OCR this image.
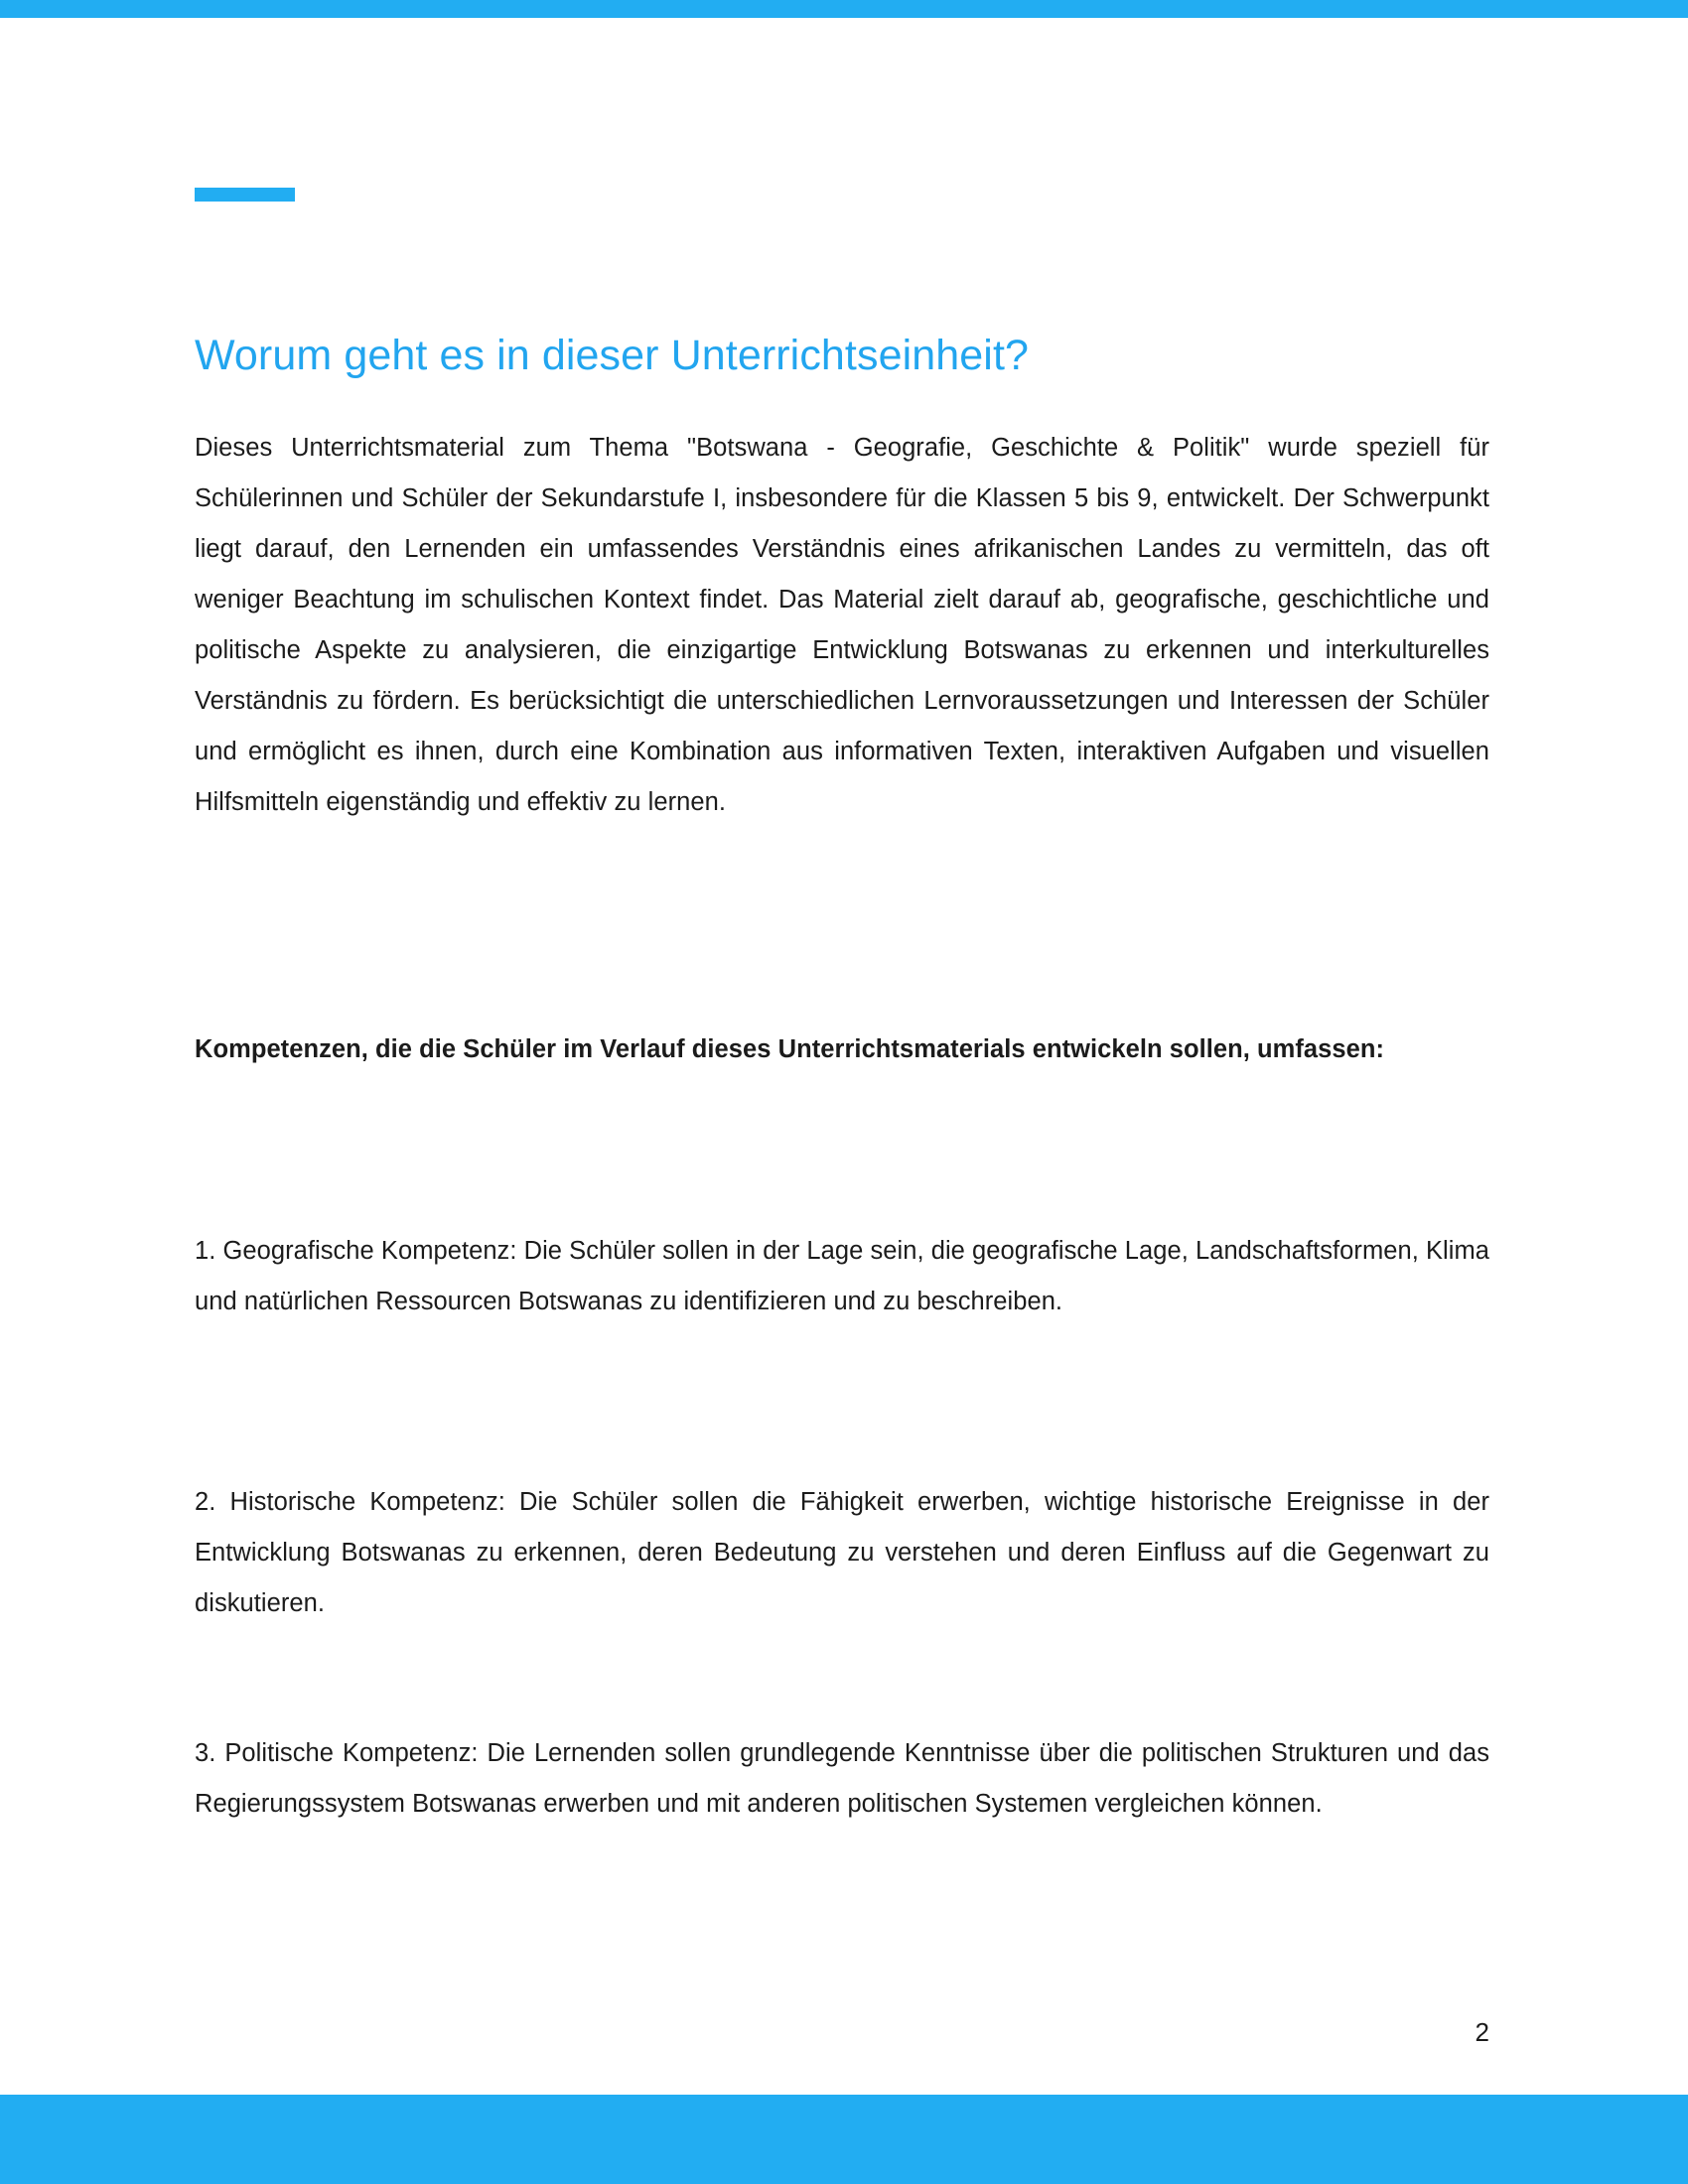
Worum geht es in dieser Unterrichtseinheit?

Dieses Unterrichtsmaterial zum Thema "Botswana - Geografie, Geschichte & Politik" wurde speziell für Schülerinnen und Schüler der Sekundarstufe I, insbesondere für die Klassen 5 bis 9, entwickelt. Der Schwerpunkt liegt darauf, den Lernenden ein umfassendes Verständnis eines afrikanischen Landes zu vermitteln, das oft weniger Beachtung im schulischen Kontext findet. Das Material zielt darauf ab, geografische, geschichtliche und politische Aspekte zu analysieren, die einzigartige Entwicklung Botswanas zu erkennen und interkulturelles Verständnis zu fördern. Es berücksichtigt die unterschiedlichen Lernvoraussetzungen und Interessen der Schüler und ermöglicht es ihnen, durch eine Kombination aus informativen Texten, interaktiven Aufgaben und visuellen Hilfsmitteln eigenständig und effektiv zu lernen.

Kompetenzen, die die Schüler im Verlauf dieses Unterrichtsmaterials entwickeln sollen, umfassen:

1. Geografische Kompetenz: Die Schüler sollen in der Lage sein, die geografische Lage, Landschaftsformen, Klima und natürlichen Ressourcen Botswanas zu identifizieren und zu beschreiben.

2. Historische Kompetenz: Die Schüler sollen die Fähigkeit erwerben, wichtige historische Ereignisse in der Entwicklung Botswanas zu erkennen, deren Bedeutung zu verstehen und deren Einfluss auf die Gegenwart zu diskutieren.

3. Politische Kompetenz: Die Lernenden sollen grundlegende Kenntnisse über die politischen Strukturen und das Regierungssystem Botswanas erwerben und mit anderen politischen Systemen vergleichen können.

2
